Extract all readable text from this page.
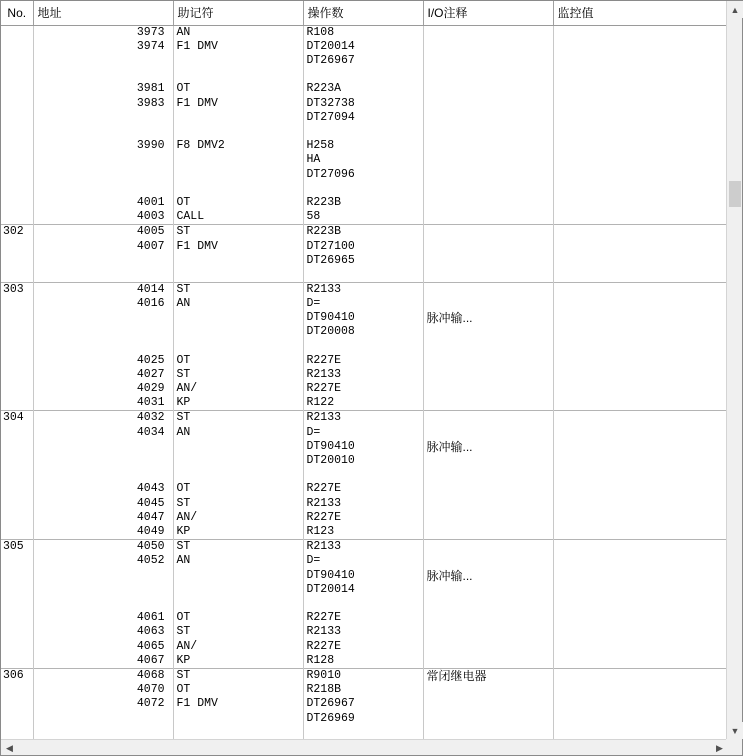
No.	地址	助记符	操作数	I/O注释	监控值
	3973	AN	R108		
	3974	F1 DMV	DT20014		
			DT26967		

	3981	OT	R223A		
	3983	F1 DMV	DT32738		
			DT27094		

	3990	F8 DMV2	H258		
			HA		
			DT27096		

	4001	OT	R223B		
	4003	CALL	58		
302	4005	ST	R223B		
	4007	F1 DMV	DT27100		
			DT26965		

303	4014	ST	R2133		
	4016	AN	D=		
			DT90410	脉冲输...	
			DT20008		

	4025	OT	R227E		
	4027	ST	R2133		
	4029	AN/	R227E		
	4031	KP	R122		
304	4032	ST	R2133		
	4034	AN	D=		
			DT90410	脉冲输...	
			DT20010		

	4043	OT	R227E		
	4045	ST	R2133		
	4047	AN/	R227E		
	4049	KP	R123		
305	4050	ST	R2133		
	4052	AN	D=		
			DT90410	脉冲输...	
			DT20014		

	4061	OT	R227E		
	4063	ST	R2133		
	4065	AN/	R227E		
	4067	KP	R128		
306	4068	ST	R9010	常闭继电器	
	4070	OT	R218B		
	4072	F1 DMV	DT26967		
			DT26969		

▲
▼
◀	▶
